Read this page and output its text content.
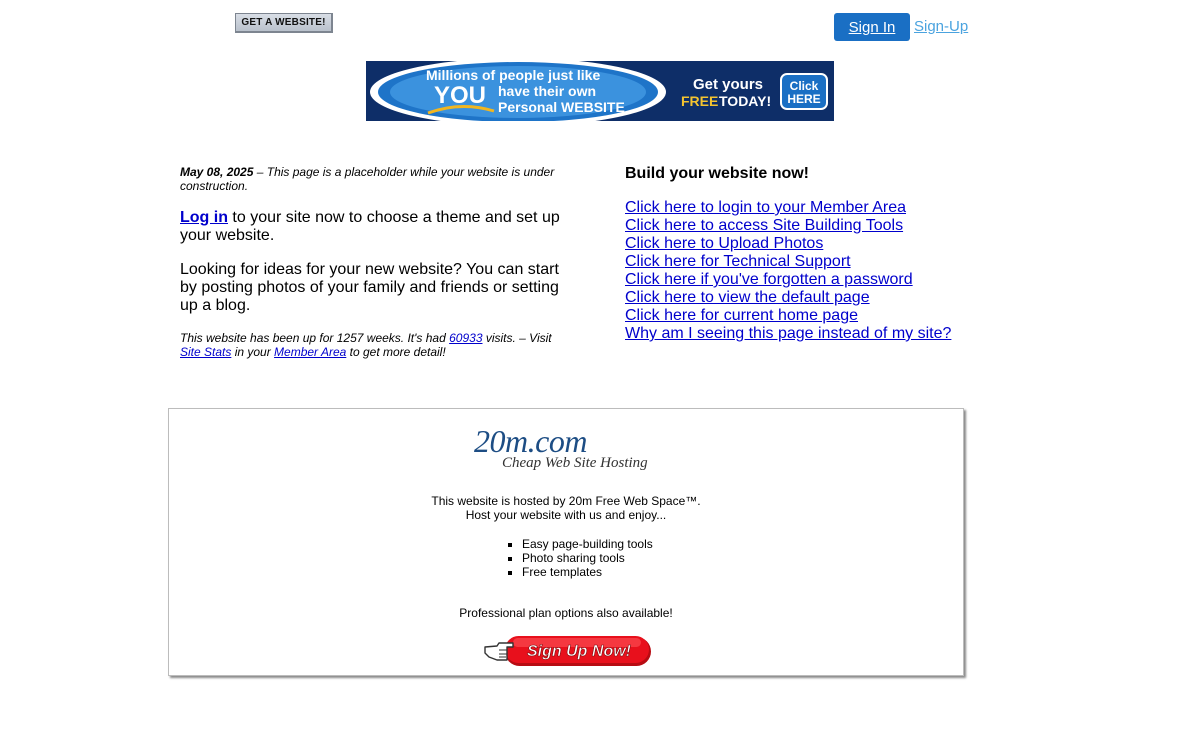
GET A WEBSITE!	Sign In Sign-Up
Millions of people just like
YOU have their own
Personal WEBSITE
Get yours
FREE TODAY!
Click
HERE

May 08, 2025 – This page is a placeholder while your website is under construction.

Log in to your site now to choose a theme and set up your website.

Looking for ideas for your new website? You can start by posting photos of your family and friends or setting up a blog.

This website has been up for 1257 weeks. It's had 60933 visits. – Visit Site Stats in your Member Area to get more detail!

Build your website now!
Click here to login to your Member Area
Click here to access Site Building Tools
Click here to Upload Photos
Click here for Technical Support
Click here if you've forgotten a password
Click here to view the default page
Click here for current home page
Why am I seeing this page instead of my site?
20m.com
Cheap Web Site Hosting
This website is hosted by 20m Free Web Space™.
Host your website with us and enjoy...
▪ Easy page-building tools
▪ Photo sharing tools
▪ Free templates
Professional plan options also available!
Sign Up Now!
